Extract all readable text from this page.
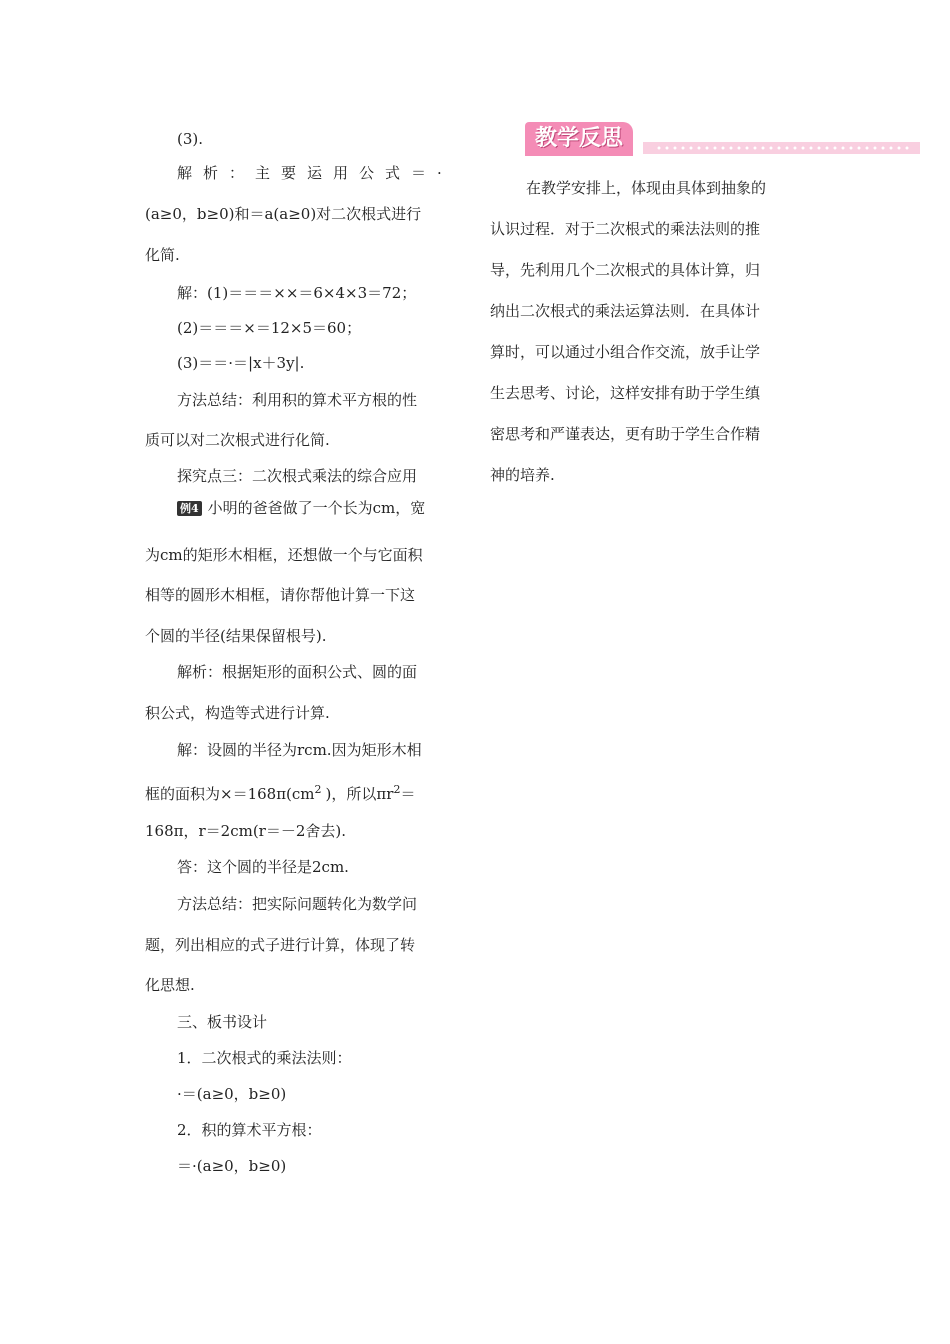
(3).
解析：主要运用公式＝·
(a≥0，b≥0)和＝a(a≥0)对二次根式进行
化简.
解：(1)＝＝＝××＝6×4×3＝72；
(2)＝＝＝×＝12×5＝60；
(3)＝＝·＝|x＋3y|.
方法总结：利用积的算术平方根的性
质可以对二次根式进行化简.
探究点三：二次根式乘法的综合应用
例4 小明的爸爸做了一个长为cm，宽
为cm的矩形木相框，还想做一个与它面积
相等的圆形木相框，请你帮他计算一下这
个圆的半径(结果保留根号).
解析：根据矩形的面积公式、圆的面
积公式，构造等式进行计算.
解：设圆的半径为rcm.因为矩形木相
框的面积为$\times=168\pi(cm^2$ )，所以$\pi r^2=$
168π，r＝2cm(r＝－2舍去).
答：这个圆的半径是2cm.
方法总结：把实际问题转化为数学问
题，列出相应的式子进行计算，体现了转
化思想.
三、板书设计
1．二次根式的乘法法则：
·＝(a≥0，b≥0)
2．积的算术平方根：
＝·(a≥0，b≥0)
教学反思
在教学安排上，体现由具体到抽象的
认识过程．对于二次根式的乘法法则的推
导，先利用几个二次根式的具体计算，归
纳出二次根式的乘法运算法则．在具体计
算时，可以通过小组合作交流，放手让学
生去思考、讨论，这样安排有助于学生缜
密思考和严谨表达，更有助于学生合作精
神的培养.
